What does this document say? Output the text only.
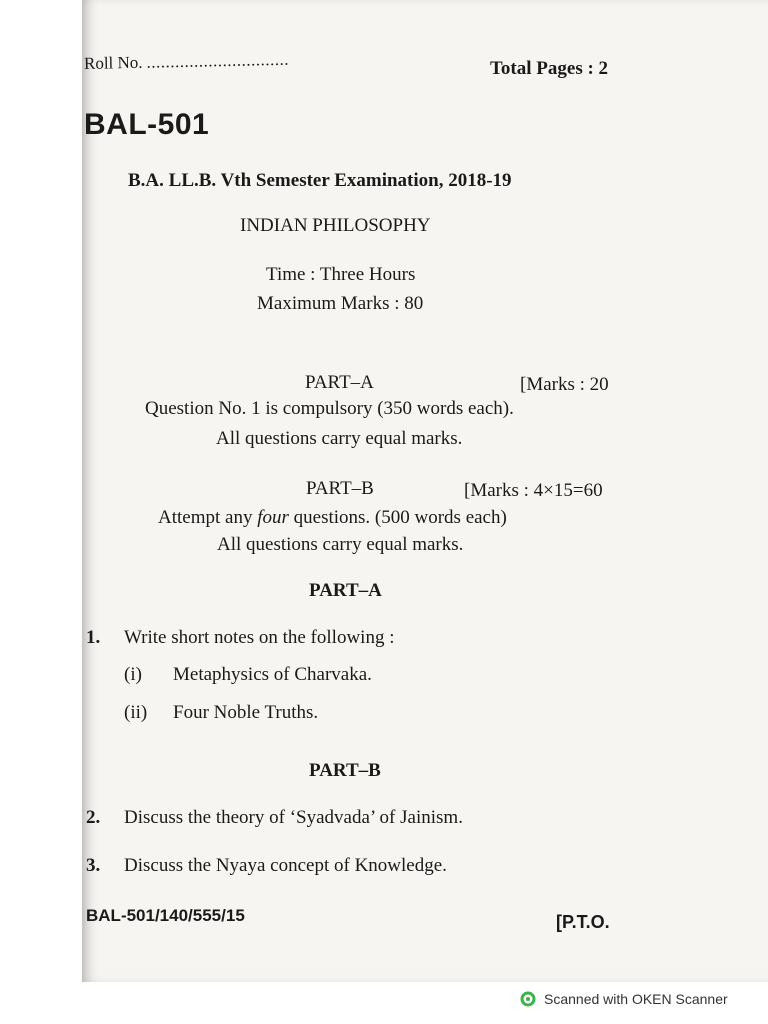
Roll No. ..............................	Total Pages : 2
BAL-501
B.A. LL.B. Vth Semester Examination, 2018-19
INDIAN PHILOSOPHY
Time : Three Hours
Maximum Marks : 80
PART–A	[Marks : 20
Question No. 1 is compulsory (350 words each).
All questions carry equal marks.
PART–B	[Marks : 4×15=60
Attempt any four questions. (500 words each)
All questions carry equal marks.
PART–A
1. Write short notes on the following :
(i) Metaphysics of Charvaka.
(ii) Four Noble Truths.
PART–B
2. Discuss the theory of ‘Syadvada’ of Jainism.
3. Discuss the Nyaya concept of Knowledge.
BAL-501/140/555/15	[P.T.O.
Scanned with OKEN Scanner
